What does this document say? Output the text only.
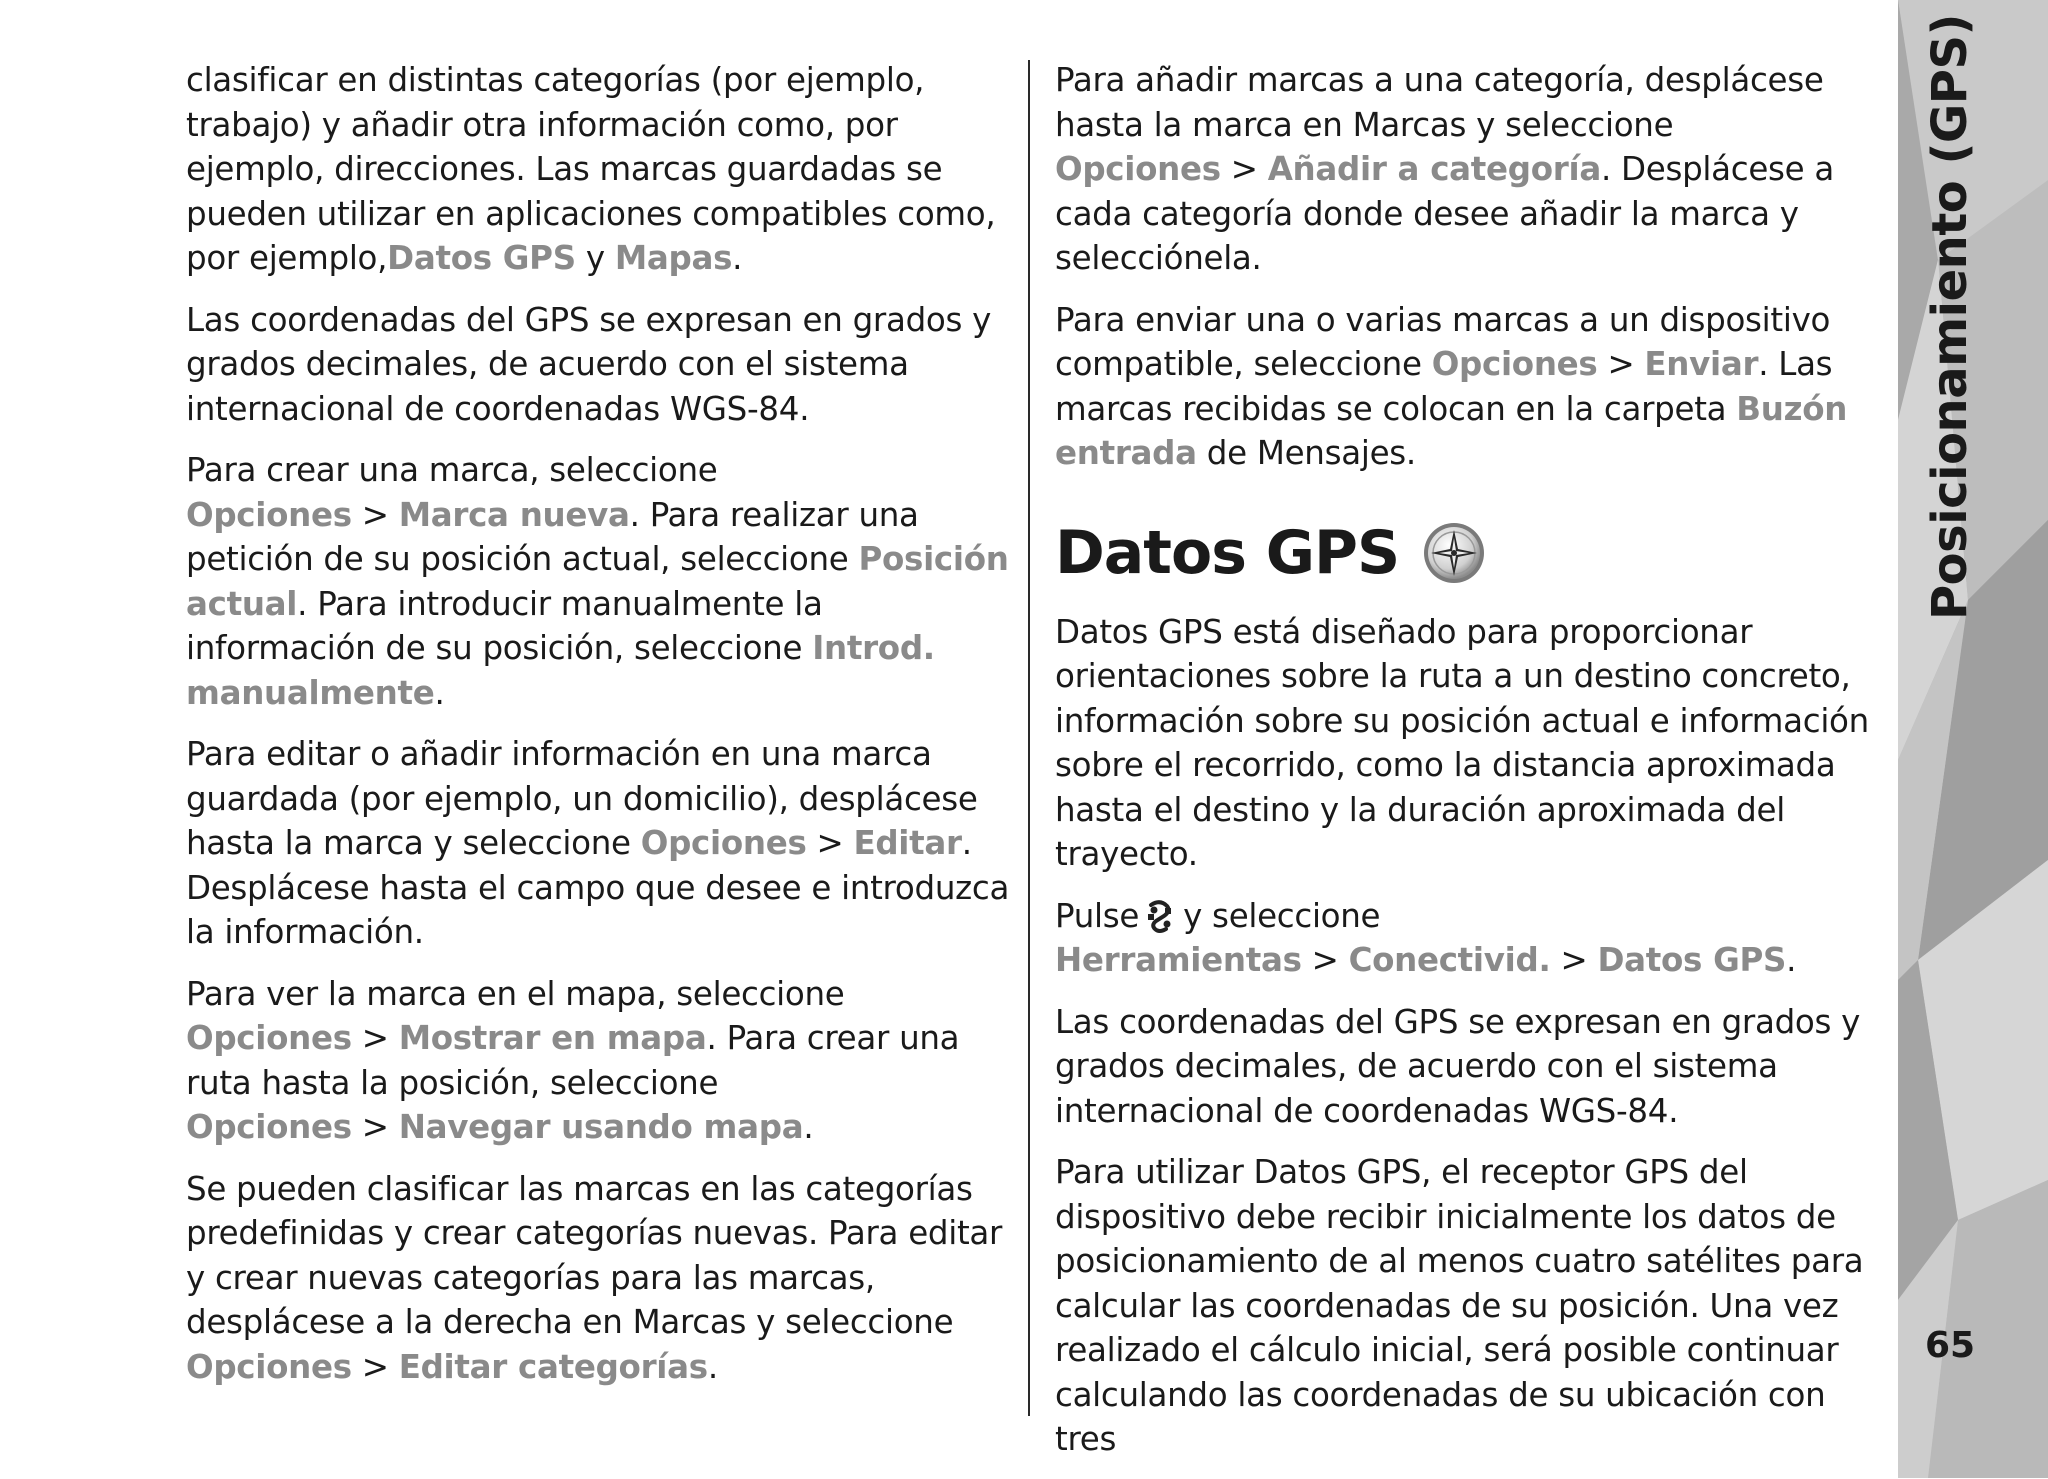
clasificar en distintas categorías (por ejemplo, trabajo) y añadir otra información como, por ejemplo, direcciones. Las marcas guardadas se pueden utilizar en aplicaciones compatibles como, por ejemplo,Datos GPS y Mapas.

Las coordenadas del GPS se expresan en grados y grados decimales, de acuerdo con el sistema internacional de coordenadas WGS-84.

Para crear una marca, seleccione Opciones > Marca nueva. Para realizar una petición de su posición actual, seleccione Posición actual. Para introducir manualmente la información de su posición, seleccione Introd. manualmente.

Para editar o añadir información en una marca guardada (por ejemplo, un domicilio), desplácese hasta la marca y seleccione Opciones > Editar. Desplácese hasta el campo que desee e introduzca la información.

Para ver la marca en el mapa, seleccione Opciones > Mostrar en mapa. Para crear una ruta hasta la posición, seleccione Opciones > Navegar usando mapa.

Se pueden clasificar las marcas en las categorías predefinidas y crear categorías nuevas. Para editar y crear nuevas categorías para las marcas, desplácese a la derecha en Marcas y seleccione Opciones > Editar categorías.

Para añadir marcas a una categoría, desplácese hasta la marca en Marcas y seleccione Opciones > Añadir a categoría. Desplácese a cada categoría donde desee añadir la marca y selecciónela.

Para enviar una o varias marcas a un dispositivo compatible, seleccione Opciones > Enviar. Las marcas recibidas se colocan en la carpeta Buzón entrada de Mensajes.

Datos GPS

Datos GPS está diseñado para proporcionar orientaciones sobre la ruta a un destino concreto, información sobre su posición actual e información sobre el recorrido, como la distancia aproximada hasta el destino y la duración aproximada del trayecto.

Pulse y seleccione Herramientas > Conectivid. > Datos GPS.

Las coordenadas del GPS se expresan en grados y grados decimales, de acuerdo con el sistema internacional de coordenadas WGS-84.

Para utilizar Datos GPS, el receptor GPS del dispositivo debe recibir inicialmente los datos de posicionamiento de al menos cuatro satélites para calcular las coordenadas de su posición. Una vez realizado el cálculo inicial, será posible continuar calculando las coordenadas de su ubicación con tres

Posicionamiento (GPS)
65
